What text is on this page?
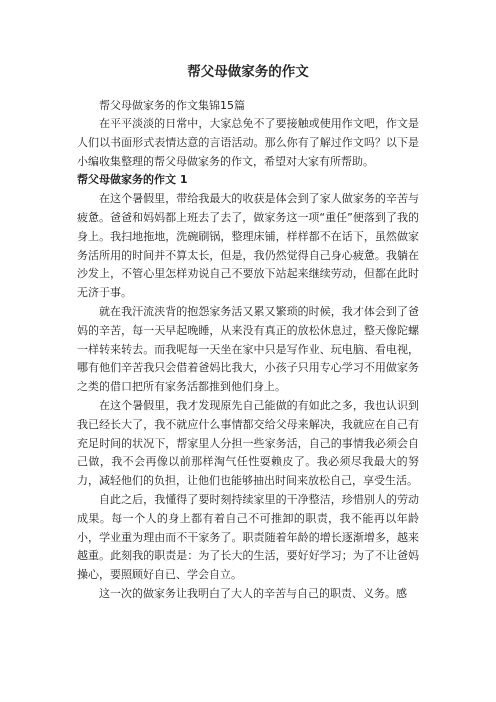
帮父母做家务的作文

帮父母做家务的作文集锦15篇

在平平淡淡的日常中，大家总免不了要接触或使用作文吧，作文是人们以书面形式表情达意的言语活动。那么你有了解过作文吗？以下是小编收集整理的帮父母做家务的作文，希望对大家有所帮助。

帮父母做家务的作文 1

在这个暑假里，带给我最大的收获是体会到了家人做家务的辛苦与疲惫。爸爸和妈妈都上班去了去了，做家务这一项“重任”便落到了我的身上。我扫地拖地，洗碗刷锅，整理床铺，样样都不在话下，虽然做家务活所用的时间并不算太长，但是，我仍然觉得自己身心疲惫。我躺在沙发上，不管心里怎样劝说自己不要放下站起来继续劳动，但都在此时无济于事。

就在我汗流浃背的抱怨家务活又累又繁琐的时候，我才体会到了爸妈的辛苦，每一天早起晚睡，从来没有真正的放松休息过，整天像陀螺一样转来转去。而我呢每一天坐在家中只是写作业、玩电脑、看电视，哪有他们辛苦我只会借着爸妈比我大，小孩子只用专心学习不用做家务之类的借口把所有家务活都推到他们身上。

在这个暑假里，我才发现原先自己能做的有如此之多，我也认识到我已经长大了，我不就应什么事情都交给父母来解决，我就应在自己有充足时间的状况下，帮家里人分担一些家务活，自己的事情我必须会自己做，我不会再像以前那样淘气任性耍赖皮了。我必须尽我最大的努力，减轻他们的负担，让他们也能够抽出时间来放松自己，享受生活。

自此之后，我懂得了要时刻持续家里的干净整洁，珍惜别人的劳动成果。每一个人的身上都有着自己不可推卸的职责，我不能再以年龄小，学业重为理由而不干家务了。职责随着年龄的增长逐渐增多，越来越重。此刻我的职责是：为了长大的生活，要好好学习；为了不让爸妈操心，要照顾好自已、学会自立。

这一次的做家务让我明白了大人的辛苦与自己的职责、义务。感
